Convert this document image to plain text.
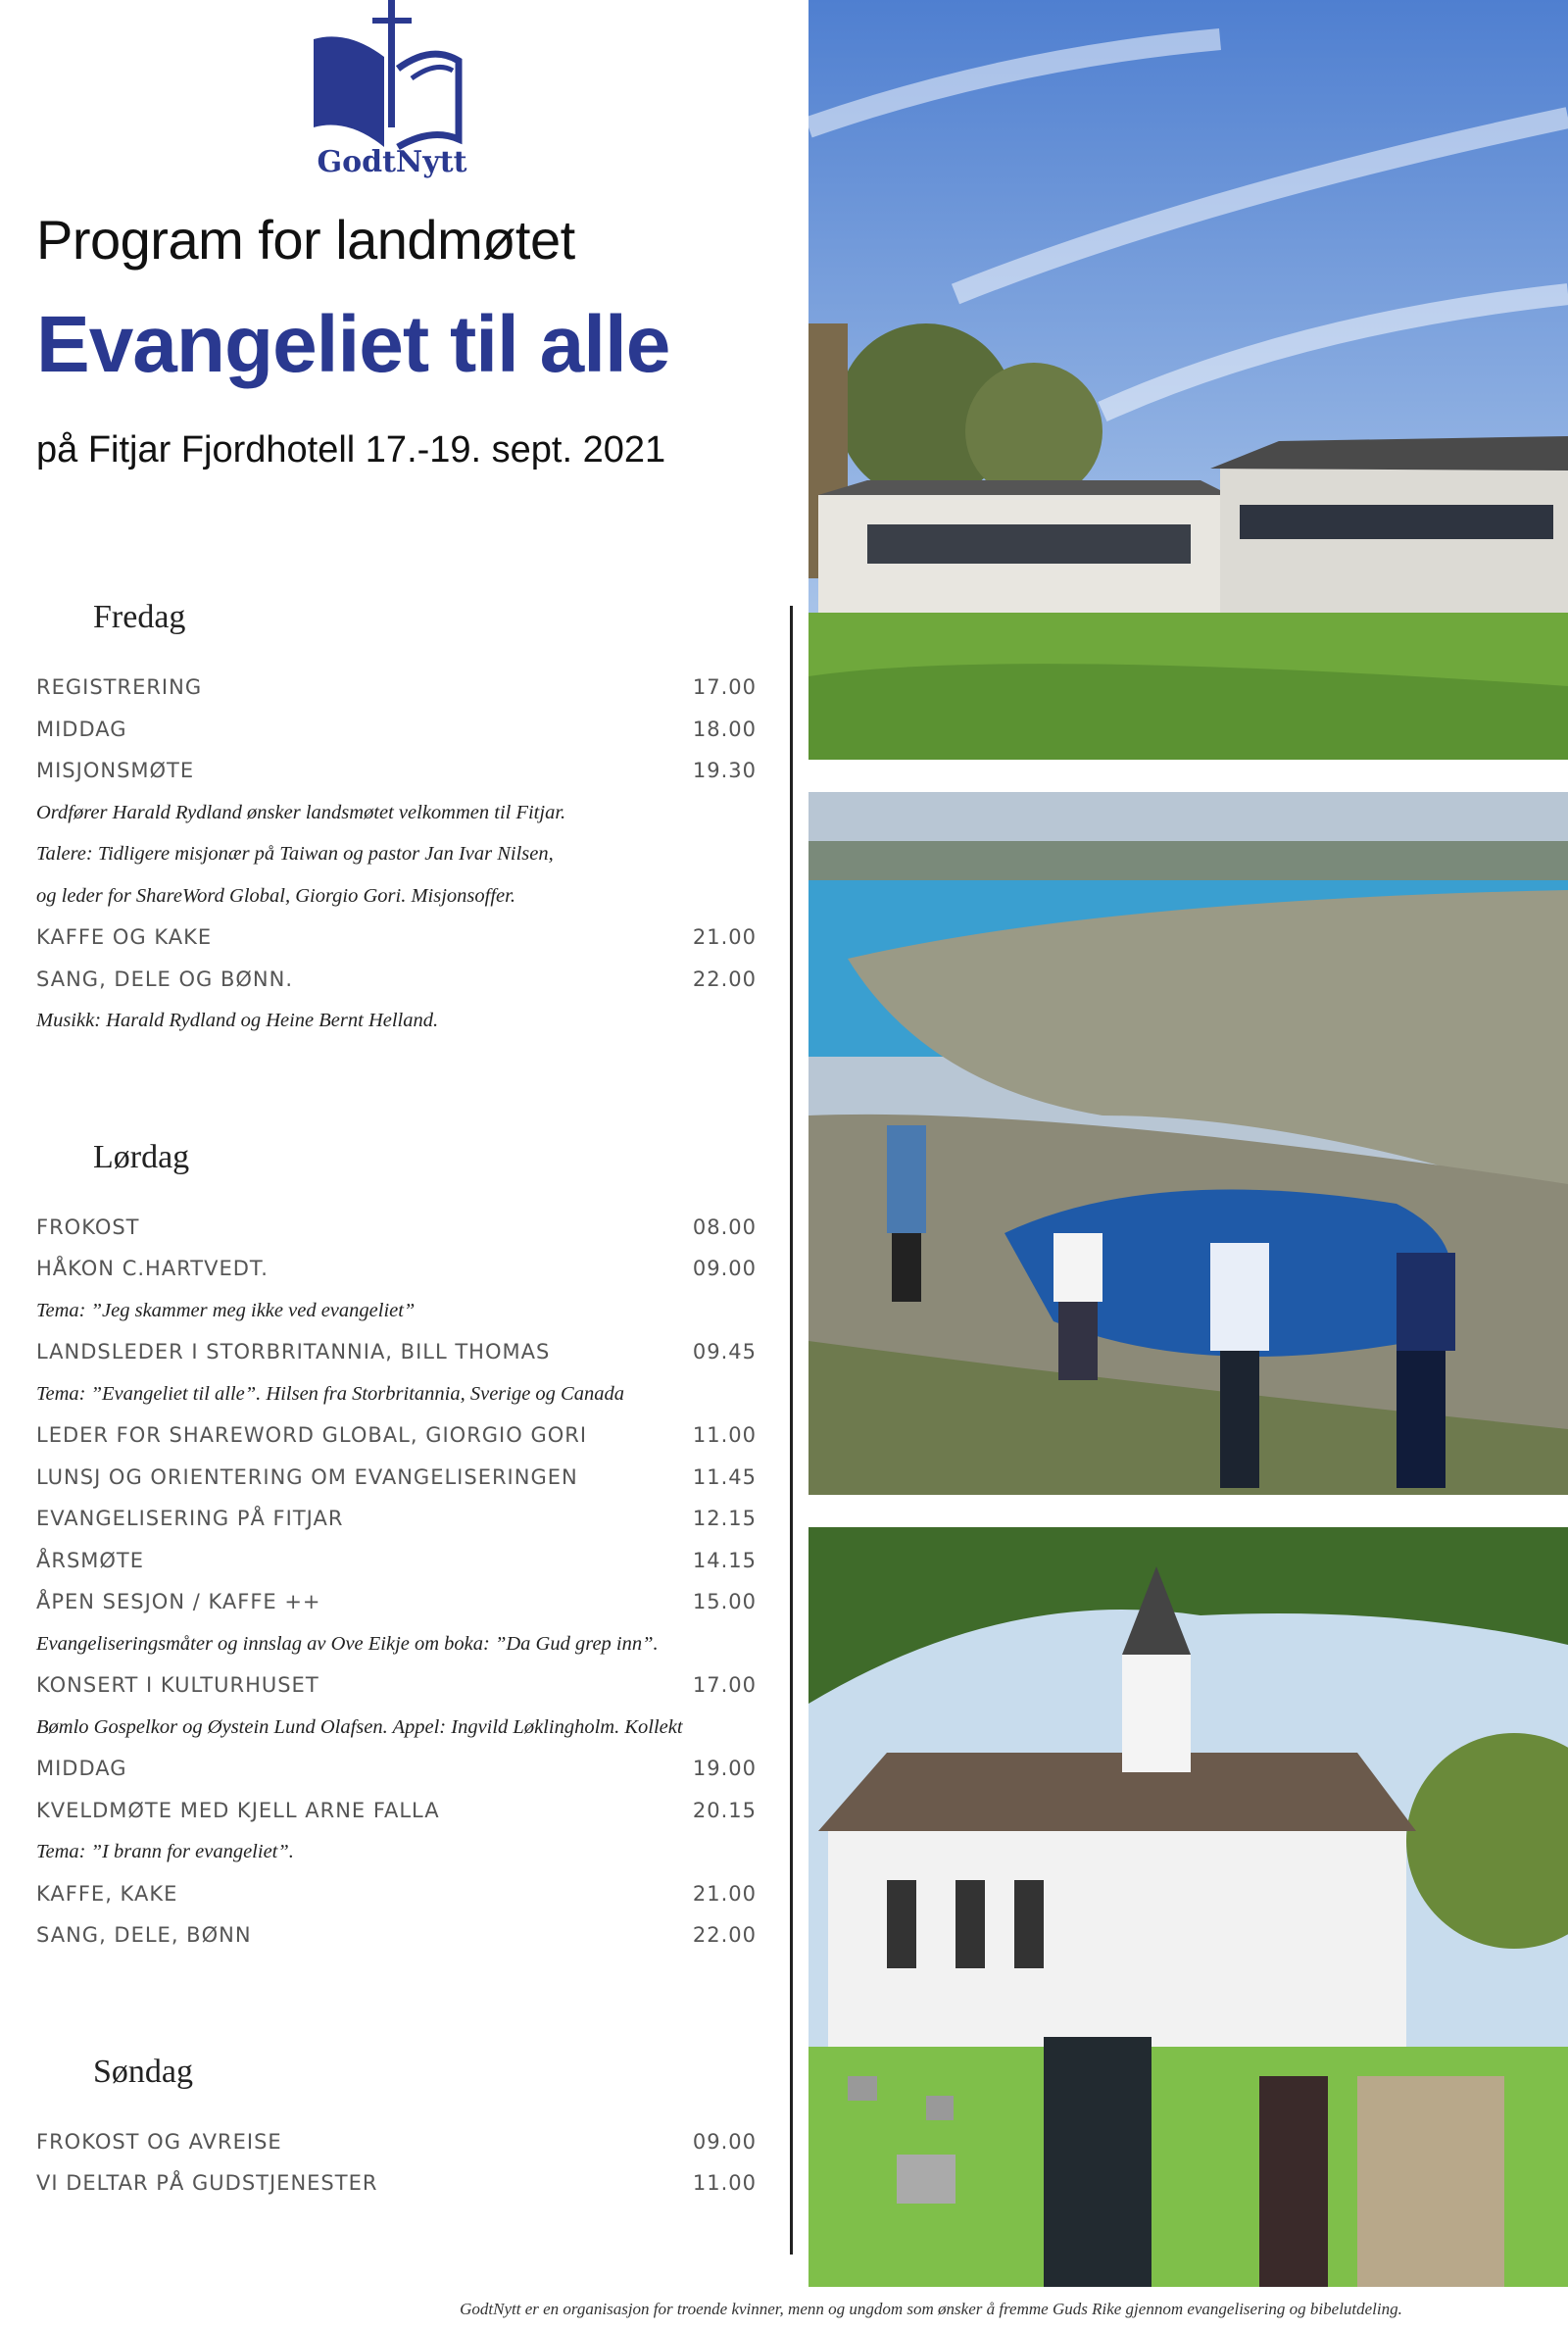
GodtNytt
Program for landmøtet
Evangeliet til alle
på Fitjar Fjordhotell 17.-19. sept. 2021
Fredag
REGISTRERING	17.00
MIDDAG	18.00
MISJONSMØTE	19.30
Ordfører Harald Rydland ønsker landsmøtet velkommen til Fitjar.
Talere: Tidligere misjonær på Taiwan og pastor Jan Ivar Nilsen,
og leder for ShareWord Global, Giorgio Gori. Misjonsoffer.
KAFFE OG KAKE	21.00
SANG, DELE OG BØNN.	22.00
Musikk: Harald Rydland og Heine Bernt Helland.
Lørdag
FROKOST	08.00
HÅKON C.HARTVEDT.	09.00
Tema: ”Jeg skammer meg ikke ved evangeliet”
LANDSLEDER I STORBRITANNIA, BILL THOMAS	09.45
Tema: ”Evangeliet til alle”. Hilsen fra Storbritannia, Sverige og Canada
LEDER FOR SHAREWORD GLOBAL, GIORGIO GORI	11.00
LUNSJ OG ORIENTERING OM EVANGELISERINGEN	11.45
EVANGELISERING PÅ FITJAR	12.15
ÅRSMØTE	14.15
ÅPEN SESJON / KAFFE ++	15.00
Evangeliseringsmåter og innslag av Ove Eikje om boka: ”Da Gud grep inn”.
KONSERT I KULTURHUSET	17.00
Bømlo Gospelkor og Øystein Lund Olafsen. Appel: Ingvild Løklingholm. Kollekt
MIDDAG	19.00
KVELDMØTE MED KJELL ARNE FALLA	20.15
Tema: ”I brann for evangeliet”.
KAFFE, KAKE	21.00
SANG, DELE, BØNN	22.00
Søndag
FROKOST OG AVREISE	09.00
VI DELTAR PÅ GUDSTJENESTER	11.00
GodtNytt er en organisasjon for troende kvinner, menn og ungdom som ønsker å fremme Guds Rike gjennom evangelisering og bibelutdeling.
